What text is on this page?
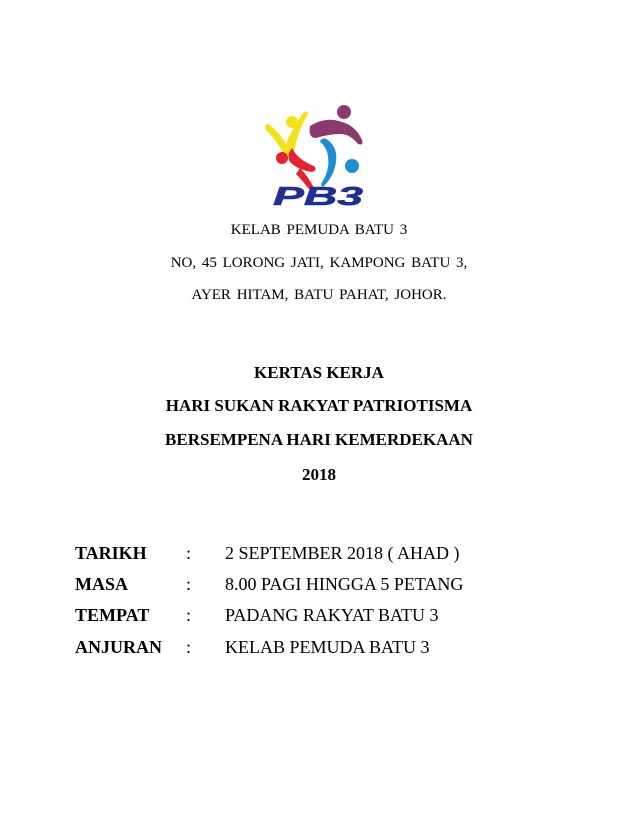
PB3
KELAB PEMUDA BATU 3
NO, 45 LORONG JATI, KAMPONG BATU 3,
AYER HITAM, BATU PAHAT, JOHOR.
KERTAS KERJA
HARI SUKAN RAKYAT PATRIOTISMA
BERSEMPENA HARI KEMERDEKAAN
2018
TARIKH : 2 SEPTEMBER 2018 ( AHAD )
MASA	: 8.00 PAGI HINGGA 5 PETANG
TEMPAT : PADANG RAKYAT BATU 3
ANJURAN : KELAB PEMUDA BATU 3
